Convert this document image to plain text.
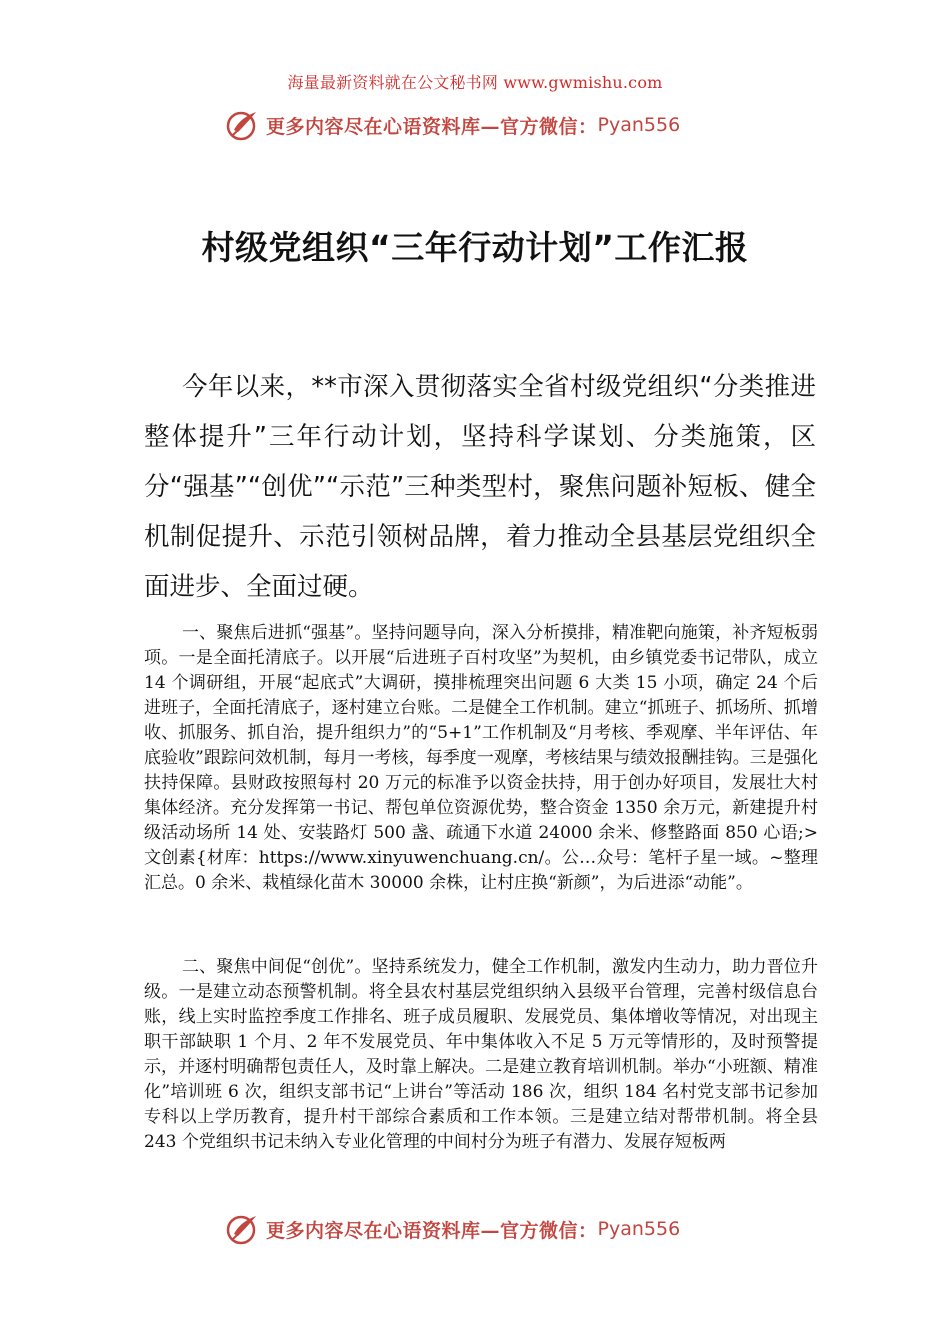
海量最新资料就在公文秘书网 www.gwmishu.com
更多内容尽在心语资料库—官方微信： Pyan556
村级党组织“三年行动计划”工作汇报
今年以来，**市深入贯彻落实全省村级党组织“分类推进整体提升”三年行动计划，坚持科学谋划、分类施策，区分“强基”“创优”“示范”三种类型村，聚焦问题补短板、健全机制促提升、示范引领树品牌，着力推动全县基层党组织全面进步、全面过硬。

一、聚焦后进抓“强基”。坚持问题导向，深入分析摸排，精准靶向施策，补齐短板弱项。一是全面托清底子。以开展“后进班子百村攻坚”为契机，由乡镇党委书记带队，成立 14 个调研组，开展“起底式”大调研，摸排梳理突出问题 6 大类 15 小项，确定 24 个后进班子，全面托清底子，逐村建立台账。二是健全工作机制。建立“抓班子、抓场所、抓增收、抓服务、抓自治，提升组织力”的“5+1”工作机制及“月考核、季观摩、半年评估、年底验收”跟踪问效机制，每月一考核，每季度一观摩，考核结果与绩效报酬挂钩。三是强化扶持保障。县财政按照每村 20 万元的标准予以资金扶持，用于创办好项目，发展壮大村集体经济。充分发挥第一书记、帮包单位资源优势，整合资金 1350 余万元，新建提升村级活动场所 14 处、安装路灯 500 盏、疏通下水道 24000 余米、修整路面 850 心语;>文创素{材库：https://www.xinyuwenchuang.cn/。公…众号：笔杆子星一域。~整理汇总。0 余米、栽植绿化苗木 30000 余株，让村庄换“新颜”，为后进添“动能”。

二、聚焦中间促“创优”。坚持系统发力，健全工作机制，激发内生动力，助力晋位升级。一是建立动态预警机制。将全县农村基层党组织纳入县级平台管理，完善村级信息台账，线上实时监控季度工作排名、班子成员履职、发展党员、集体增收等情况，对出现主职干部缺职 1 个月、2 年不发展党员、年中集体收入不足 5 万元等情形的，及时预警提示，并逐村明确帮包责任人，及时靠上解决。二是建立教育培训机制。举办“小班额、精准化”培训班 6 次，组织支部书记“上讲台”等活动 186 次，组织 184 名村党支部书记参加专科以上学历教育，提升村干部综合素质和工作本领。三是建立结对帮带机制。将全县 243 个党组织书记未纳入专业化管理的中间村分为班子有潜力、发展存短板两

更多内容尽在心语资料库—官方微信： Pyan556
